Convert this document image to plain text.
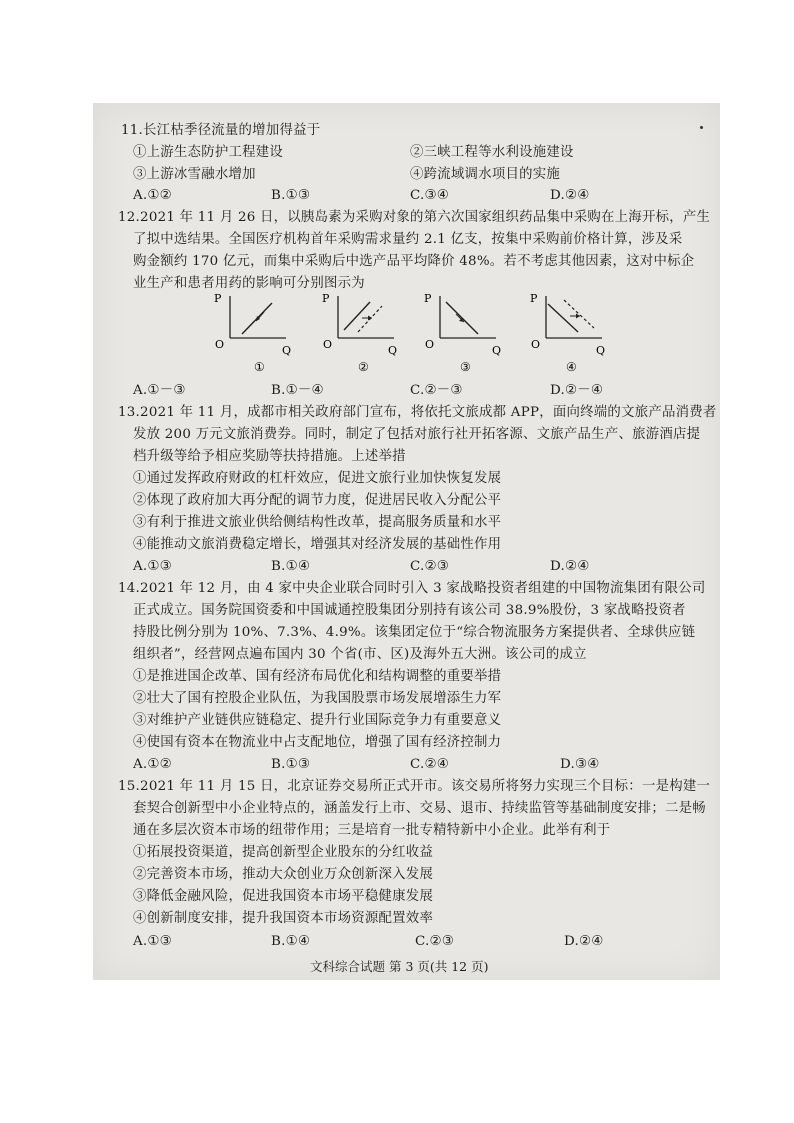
11.长江枯季径流量的增加得益于
①上游生态防护工程建设	②三峡工程等水利设施建设
③上游冰雪融水增加	④跨流域调水项目的实施
A.①②	B.①③	C.③④	D.②④
12.2021 年 11 月 26 日，以胰岛素为采购对象的第六次国家组织药品集中采购在上海开标，产生
了拟中选结果。全国医疗机构首年采购需求量约 2.1 亿支，按集中采购前价格计算，涉及采
购金额约 170 亿元，而集中采购后中选产品平均降价 48%。若不考虑其他因素，这对中标企
业生产和患者用药的影响可分别图示为
P
O	Q
①
P
O	Q
②
P
O	Q
③
P
O	Q
④
A.①－③	B.①－④	C.②－③	D.②－④
13.2021 年 11 月，成都市相关政府部门宣布，将依托文旅成都 APP，面向终端的文旅产品消费者
发放 200 万元文旅消费券。同时，制定了包括对旅行社开拓客源、文旅产品生产、旅游酒店提
档升级等给予相应奖励等扶持措施。上述举措
①通过发挥政府财政的杠杆效应，促进文旅行业加快恢复发展
②体现了政府加大再分配的调节力度，促进居民收入分配公平
③有利于推进文旅业供给侧结构性改革，提高服务质量和水平
④能推动文旅消费稳定增长，增强其对经济发展的基础性作用
A.①③	B.①④	C.②③	D.②④
14.2021 年 12 月，由 4 家中央企业联合同时引入 3 家战略投资者组建的中国物流集团有限公司
正式成立。国务院国资委和中国诚通控股集团分别持有该公司 38.9%股份，3 家战略投资者
持股比例分别为 10%、7.3%、4.9%。该集团定位于“综合物流服务方案提供者、全球供应链
组织者”，经营网点遍布国内 30 个省(市、区)及海外五大洲。该公司的成立
①是推进国企改革、国有经济布局优化和结构调整的重要举措
②壮大了国有控股企业队伍，为我国股票市场发展增添生力军
③对维护产业链供应链稳定、提升行业国际竞争力有重要意义
④使国有资本在物流业中占支配地位，增强了国有经济控制力
A.①②	B.①③	C.②④	D.③④
15.2021 年 11 月 15 日，北京证券交易所正式开市。该交易所将努力实现三个目标：一是构建一
套契合创新型中小企业特点的，涵盖发行上市、交易、退市、持续监管等基础制度安排；二是畅
通在多层次资本市场的纽带作用；三是培育一批专精特新中小企业。此举有利于
①拓展投资渠道，提高创新型企业股东的分红收益
②完善资本市场，推动大众创业万众创新深入发展
③降低金融风险，促进我国资本市场平稳健康发展
④创新制度安排，提升我国资本市场资源配置效率
A.①③	B.①④	C.②③	D.②④
文科综合试题 第 3 页(共 12 页)
